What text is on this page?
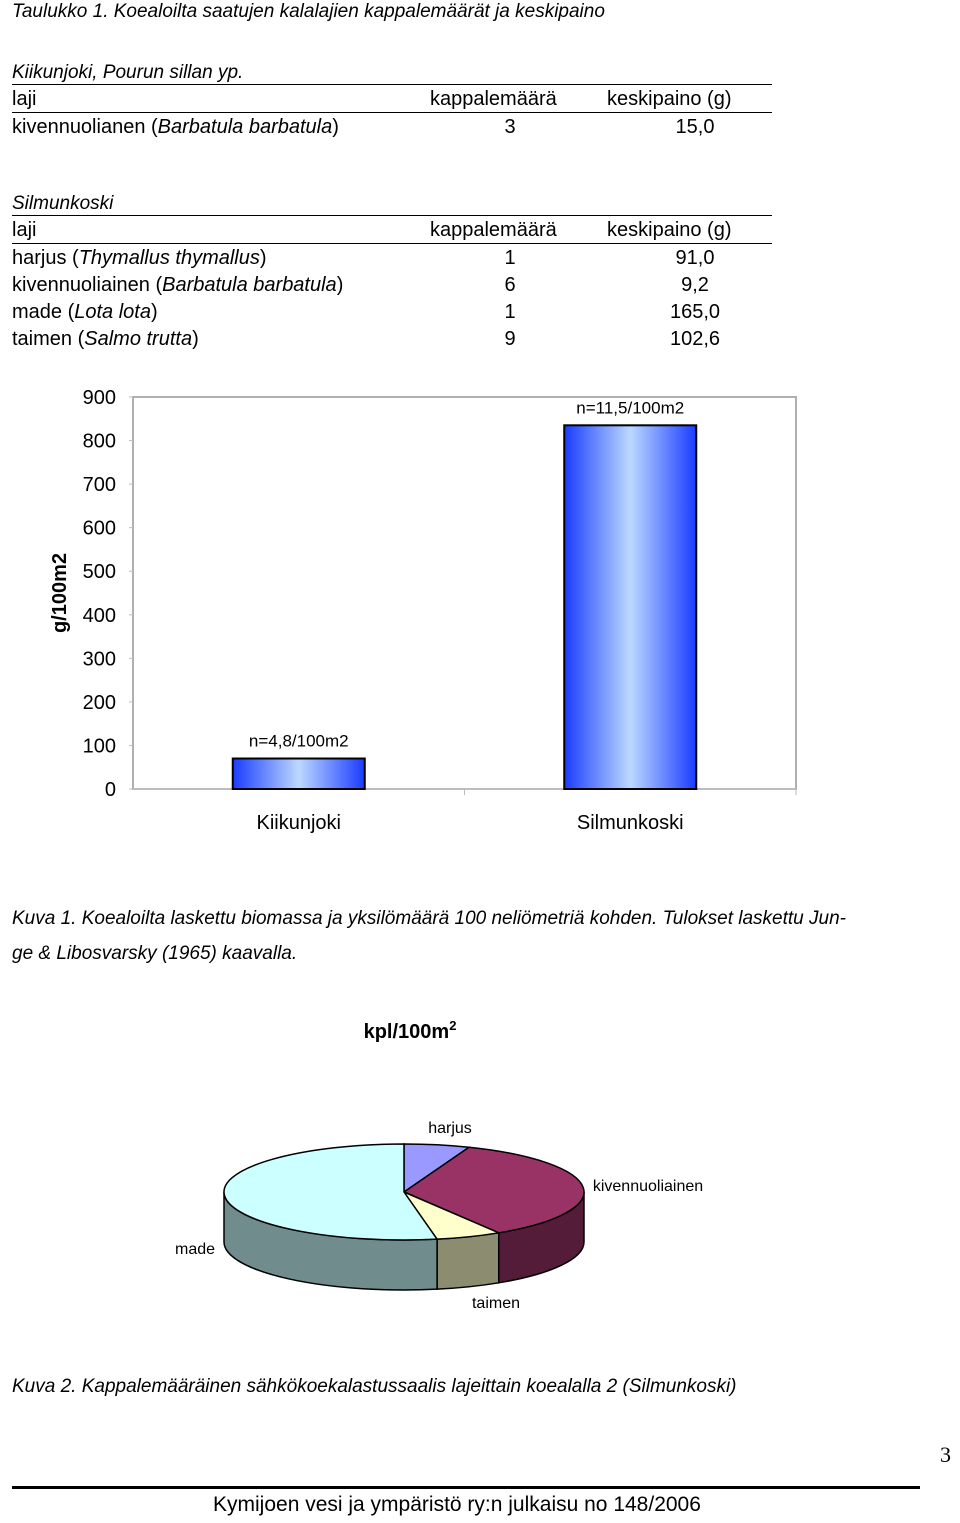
Taulukko 1. Koealoilta saatujen kalalajien kappalemäärät ja keskipaino
Kiikunjoki, Pourun sillan yp.
laji	kappalemäärä	keskipaino (g)
kivennuolianen (Barbatula barbatula)	3	15,0
Silmunkoski
laji	kappalemäärä	keskipaino (g)
harjus (Thymallus thymallus)	1	91,0
kivennuoliainen (Barbatula barbatula)	6	9,2
made (Lota lota)	1	165,0
taimen (Salmo trutta)	9	102,6
900
800
700
600
500
400
300
200
100
0
n=4,8/100m2
Kiikunjoki
n=11,5/100m2
Silmunkoski
g/100m2
Kuva 1. Koealoilta laskettu biomassa ja yksilömäärä 100 neliömetriä kohden. Tulokset laskettu Jun-
ge & Libosvarsky (1965) kaavalla.
kpl/$100m^2$
harjus
kivennuoliainen
made
taimen
Kuva 2. Kappalemääräinen sähkökoekalastussaalis lajeittain koealalla 2 (Silmunkoski)
3
Kymijoen vesi ja ympäristö ry:n julkaisu no 148/2006
